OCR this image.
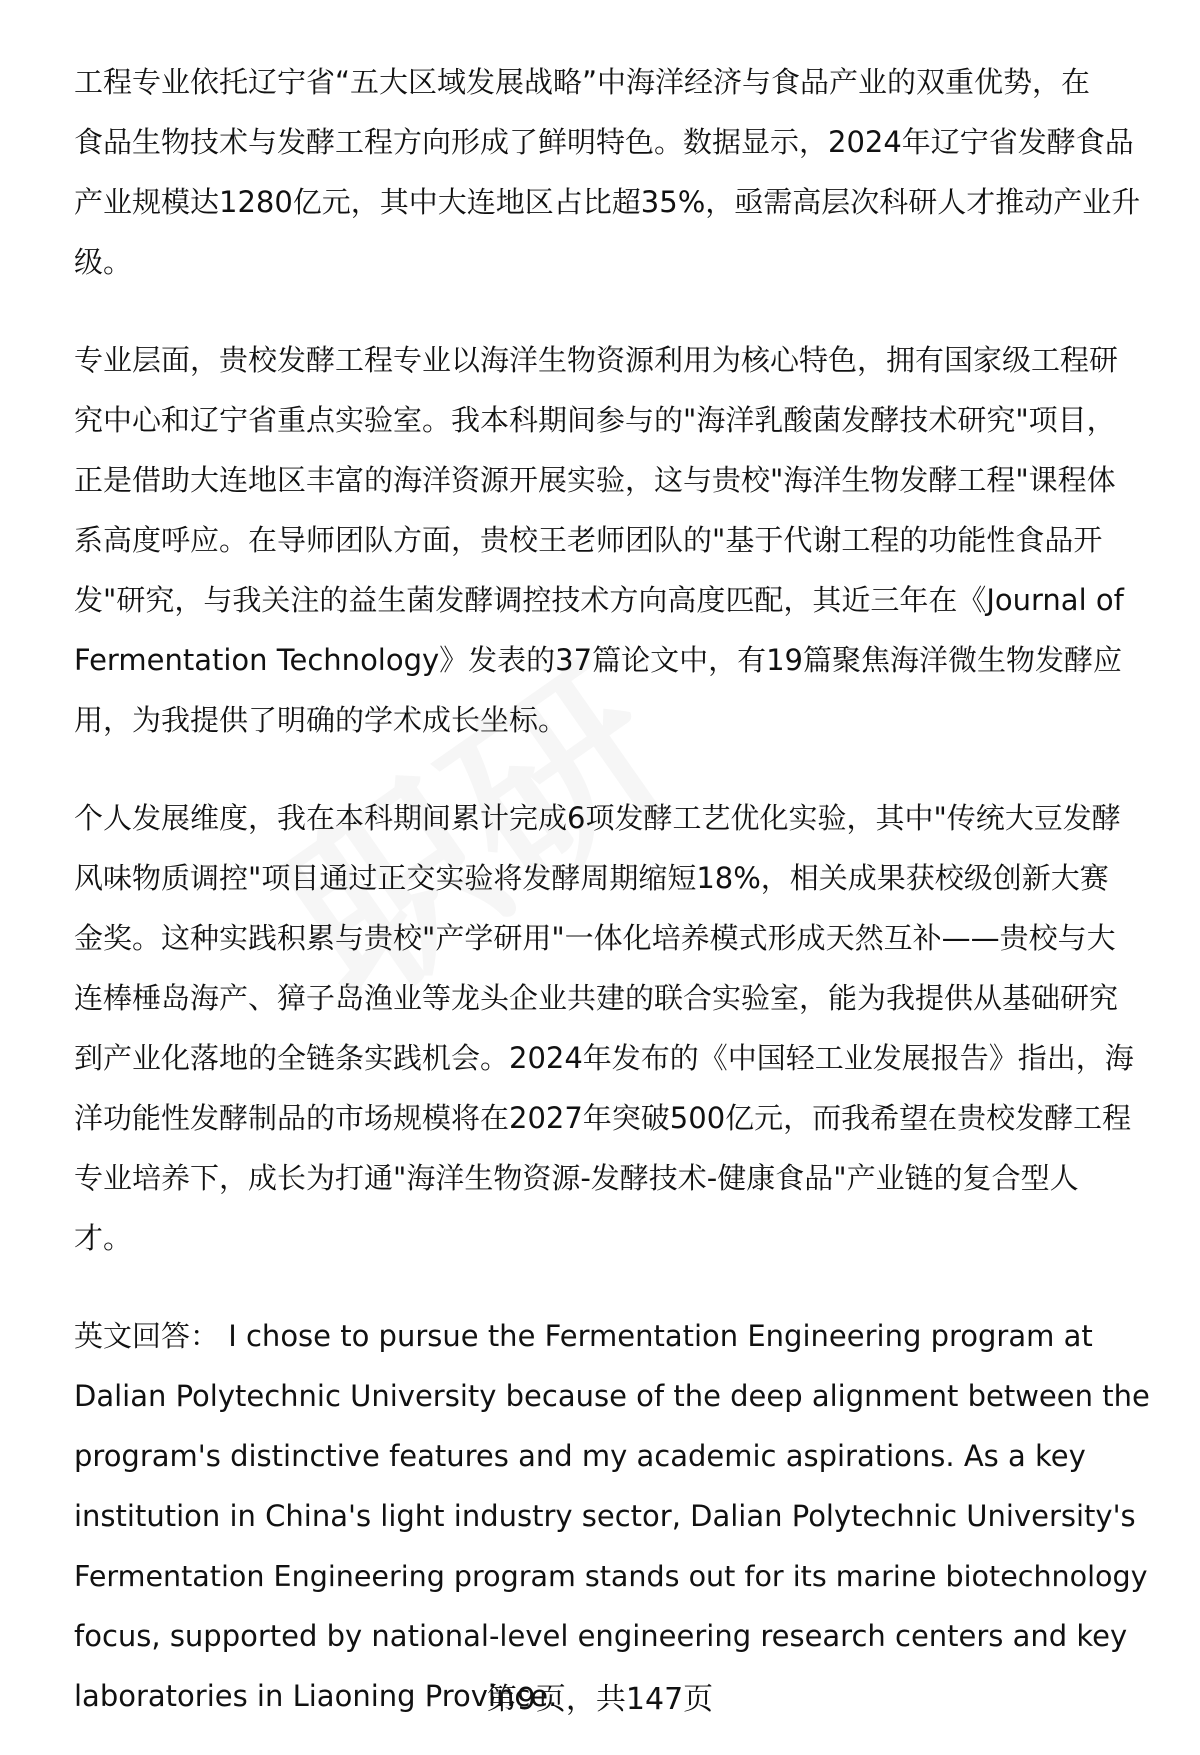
工程专业依托辽宁省“五大区域发展战略”中海洋经济与食品产业的双重优势，在
食品生物技术与发酵工程方向形成了鲜明特色。数据显示，2024年辽宁省发酵食品
产业规模达1280亿元，其中大连地区占比超35%，亟需高层次科研人才推动产业升
级。

专业层面，贵校发酵工程专业以海洋生物资源利用为核心特色，拥有国家级工程研
究中心和辽宁省重点实验室。我本科期间参与的"海洋乳酸菌发酵技术研究"项目，
正是借助大连地区丰富的海洋资源开展实验，这与贵校"海洋生物发酵工程"课程体
系高度呼应。在导师团队方面，贵校王老师团队的"基于代谢工程的功能性食品开
发"研究，与我关注的益生菌发酵调控技术方向高度匹配，其近三年在《Journal of
Fermentation Technology》发表的37篇论文中，有19篇聚焦海洋微生物发酵应
用，为我提供了明确的学术成长坐标。

个人发展维度，我在本科期间累计完成6项发酵工艺优化实验，其中"传统大豆发酵
风味物质调控"项目通过正交实验将发酵周期缩短18%，相关成果获校级创新大赛
金奖。这种实践积累与贵校"产学研用"一体化培养模式形成天然互补——贵校与大
连棒棰岛海产、獐子岛渔业等龙头企业共建的联合实验室，能为我提供从基础研究
到产业化落地的全链条实践机会。2024年发布的《中国轻工业发展报告》指出，海
洋功能性发酵制品的市场规模将在2027年突破500亿元，而我希望在贵校发酵工程
专业培养下，成长为打通"海洋生物资源-发酵技术-健康食品"产业链的复合型人
才。

英文回答： I chose to pursue the Fermentation Engineering program at
Dalian Polytechnic University because of the deep alignment between the
program's distinctive features and my academic aspirations. As a key
institution in China's light industry sector, Dalian Polytechnic University's
Fermentation Engineering program stands out for its marine biotechnology
focus, supported by national-level engineering research centers and key
laboratories in Liaoning Province.

第9页，共147页
